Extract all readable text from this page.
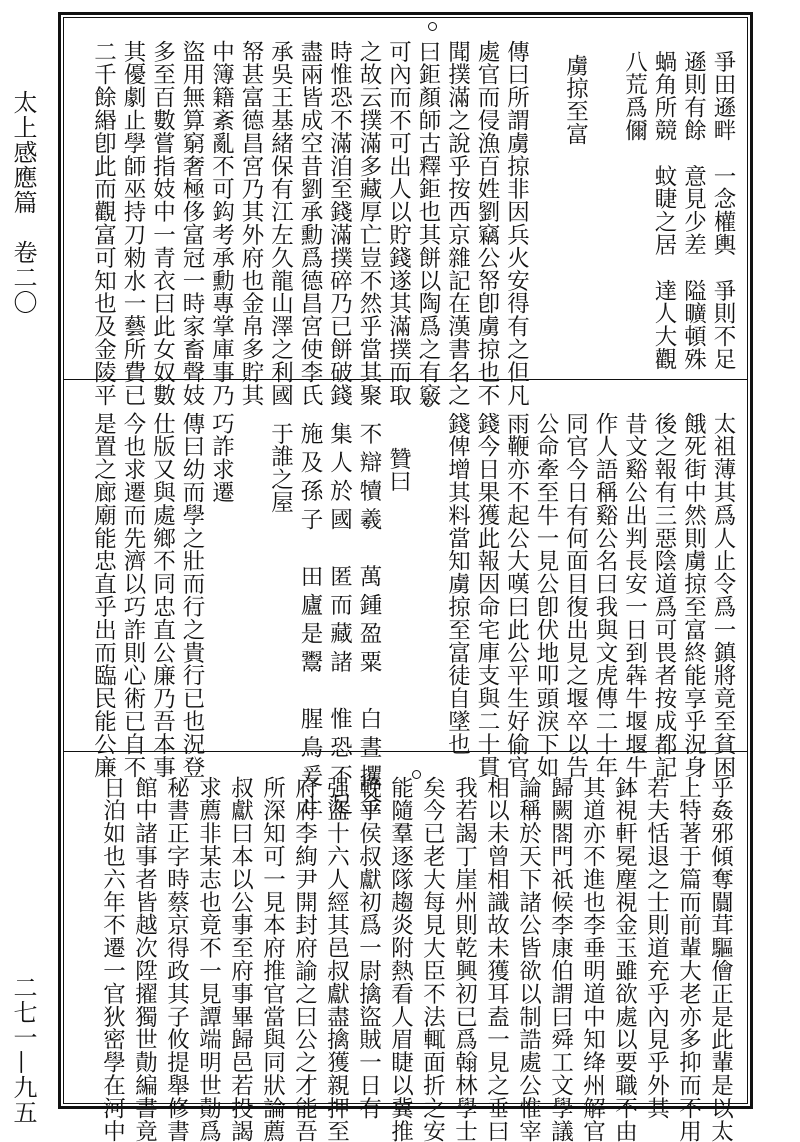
太上感應篇　卷二〇
二七一—九五
爭田遜畔　一念權輿　爭則不足
遜則有餘　意見少差　隘曠頓殊
蝸角所競　蚊睫之居　達人大觀
八荒爲儞
虜掠至富
傳曰所謂虜掠非因兵火安得有之但凡
處官而侵漁百姓劉竊公帑卽虜掠也不
聞撲滿之說乎按西京雜記在漢書名之
曰鉅顏師古釋鉅也其餅以陶爲之有竅
可內而不可出人以貯錢遂其滿撲而取
之故云撲滿多藏厚亡豈不然乎當其聚
時惟恐不滿洎至錢滿撲碎乃已餅破錢
盡兩皆成空昔劉承勳爲德昌宮使李氏
承吳王基緒保有江左久龍山澤之利國
帑甚富德昌宮乃其外府也金帛多貯其
中簿籍紊亂不可鈎考承勳專掌庫事乃
盜用無算窮奢極侈富冠一時家畜聲妓
多至百數嘗指妓中一青衣曰此女奴數
其優劇止學師巫持刀勑水一藝所費已
二千餘緡卽此而觀富可知也及金陵平
太祖薄其爲人止令爲一鎮將竟至貧困
餓死街中然則虜掠至富終能享乎況身
後之報有三惡陰道爲可畏者按成都記
昔文谿公出判長安一日到犇牛堰堰牛
作人語稱谿公名曰我與文虎傳二十年
同官今日有何面目復出見之堰卒以告
公命牽至牛一見公卽伏地叩頭淚下如
雨鞭亦不起公大嘆曰此公平生好偷官
錢今日果獲此報因命宅庫支與二十貫
錢俾增其料當知虜掠至富徒自墜也
贊曰
不辯犢羲　萬鍾盈粟　白晝攫金
集人於國　匿而藏諸　惟恐不足
施及孫子　田廬是鬻　腥鳥爰止
于誰之屋
巧詐求遷
傳曰幼而學之壯而行之貴行已也況登
仕版又與處鄉不同忠直公廉乃吾本事
今也求遷而先濟以巧詐則心術已自不
是置之廊廟能忠直乎出而臨民能公廉
乎姦邪傾奪闒茸驅儈正是此輩是以太
上特著于篇而前輩大老亦多抑而不用
若夫恬退之士則道充乎內見乎外其
鉢視軒冕塵視金玉雖欲處以要職不由
其道亦不進也李垂明道中知绛州解官
歸闕閤門祇候李康伯謂曰舜工文學議
論稱於天下諸公皆欲以制誥處公惟宰
相以未曾相識故未獲耳盍一見之垂曰
我若謁丁崖州則乾興初已爲翰林學士
矣今已老大每見大臣不法輒面折之安
能隨羣逐隊趨炎附熱看人眉睫以冀推
輓乎侯叔獻初爲一尉擒盜賊一日有
强盜十六人經其邑叔獻盡擒獲親押至
府府李絢尹開封府諭之曰公之才能吾
所深知可一見本府推官當與同狀論薦
叔獻曰本以公事至府事畢歸邑若投謁
求薦非某志也竟不一見譚端明世勣爲
秘書正字時蔡京得政其子攸提舉修書
館中諸事者皆越次陞擢獨世勣編書竟
日泊如也六年不遷一官狄密學在河中
